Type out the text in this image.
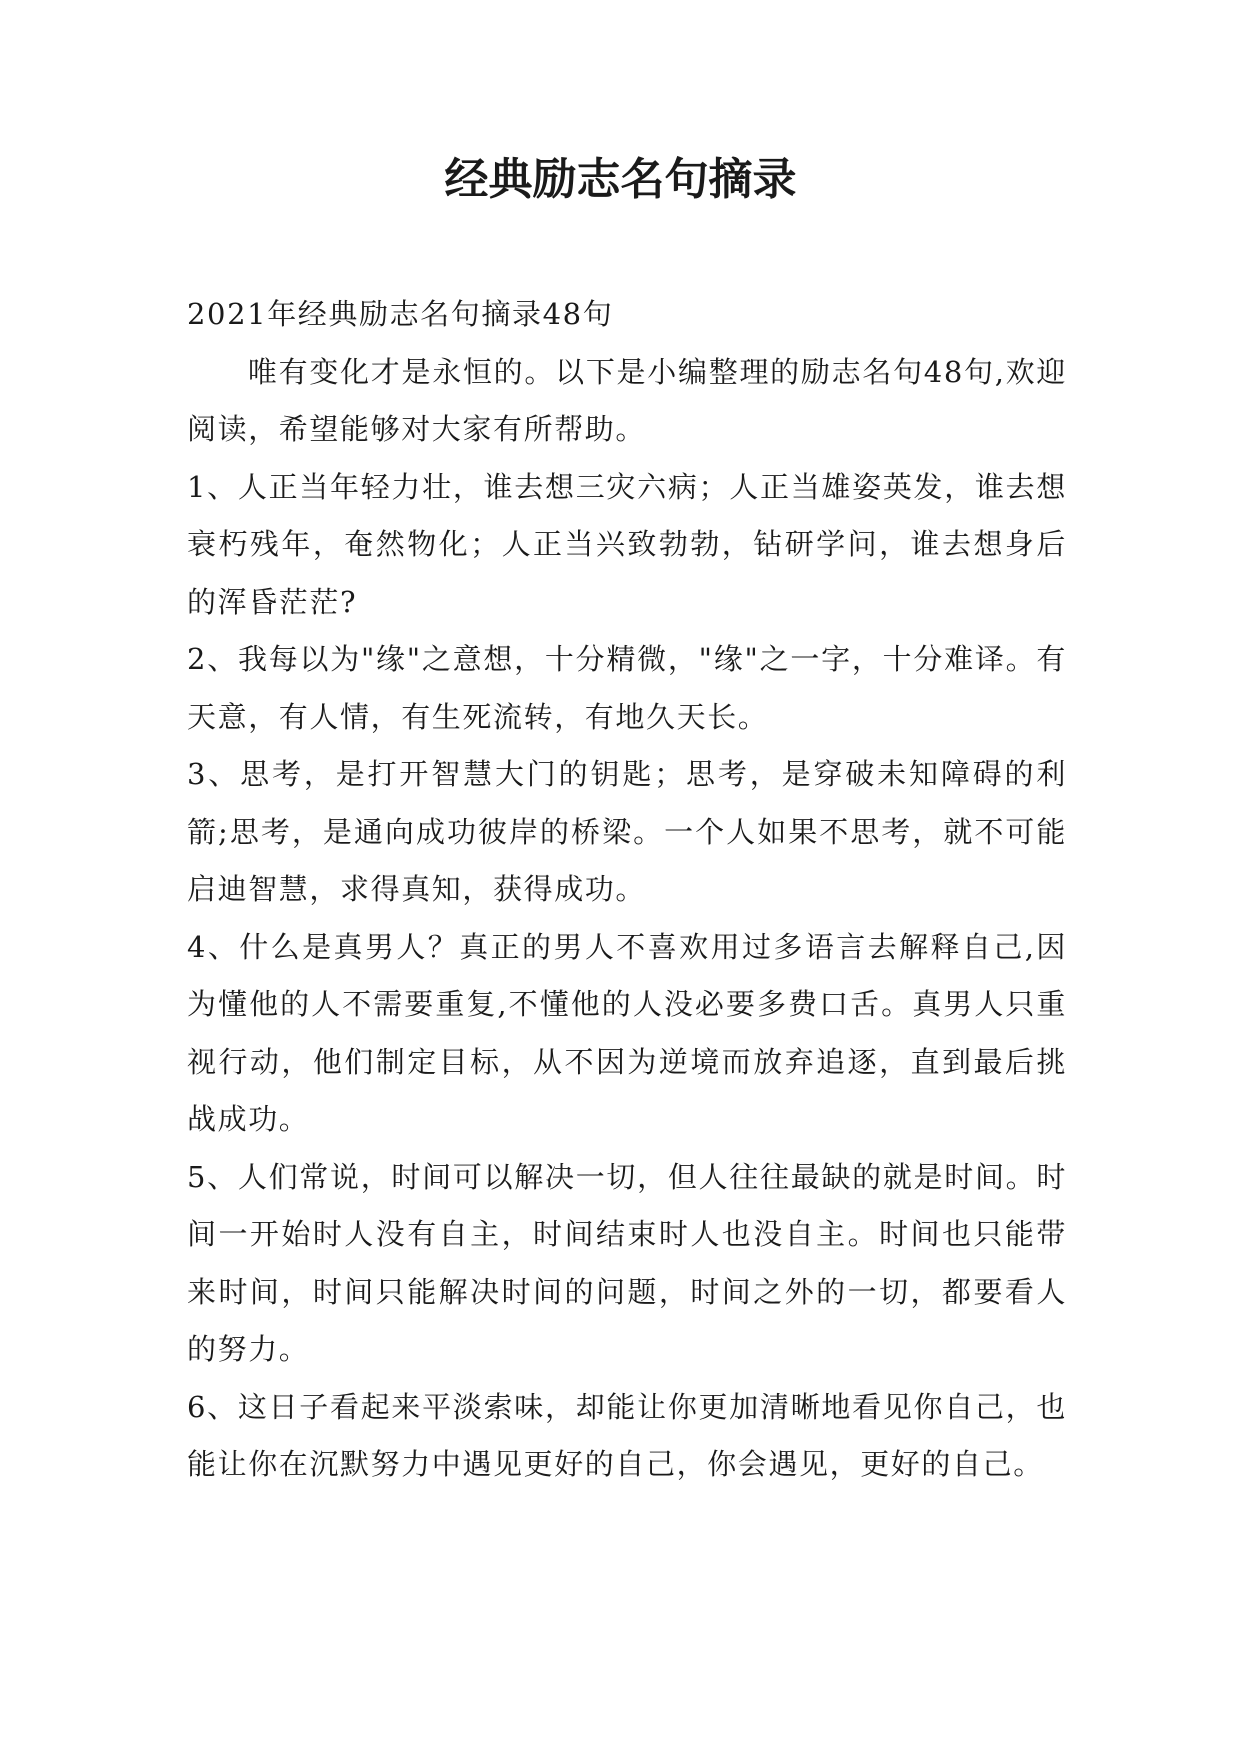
经典励志名句摘录

2021年经典励志名句摘录48句

唯有变化才是永恒的。以下是小编整理的励志名句48句,欢迎阅读，希望能够对大家有所帮助。

1、人正当年轻力壮，谁去想三灾六病；人正当雄姿英发，谁去想衰朽残年，奄然物化；人正当兴致勃勃，钻研学问，谁去想身后的浑昏茫茫?

2、我每以为"缘"之意想，十分精微，"缘"之一字，十分难译。有天意，有人情，有生死流转，有地久天长。

3、思考，是打开智慧大门的钥匙；思考，是穿破未知障碍的利箭;思考，是通向成功彼岸的桥梁。一个人如果不思考，就不可能启迪智慧，求得真知，获得成功。

4、什么是真男人？真正的男人不喜欢用过多语言去解释自己,因为懂他的人不需要重复,不懂他的人没必要多费口舌。真男人只重视行动，他们制定目标，从不因为逆境而放弃追逐，直到最后挑战成功。

5、人们常说，时间可以解决一切，但人往往最缺的就是时间。时间一开始时人没有自主，时间结束时人也没自主。时间也只能带来时间，时间只能解决时间的问题，时间之外的一切，都要看人的努力。

6、这日子看起来平淡索味，却能让你更加清晰地看见你自己，也能让你在沉默努力中遇见更好的自己，你会遇见，更好的自己。
